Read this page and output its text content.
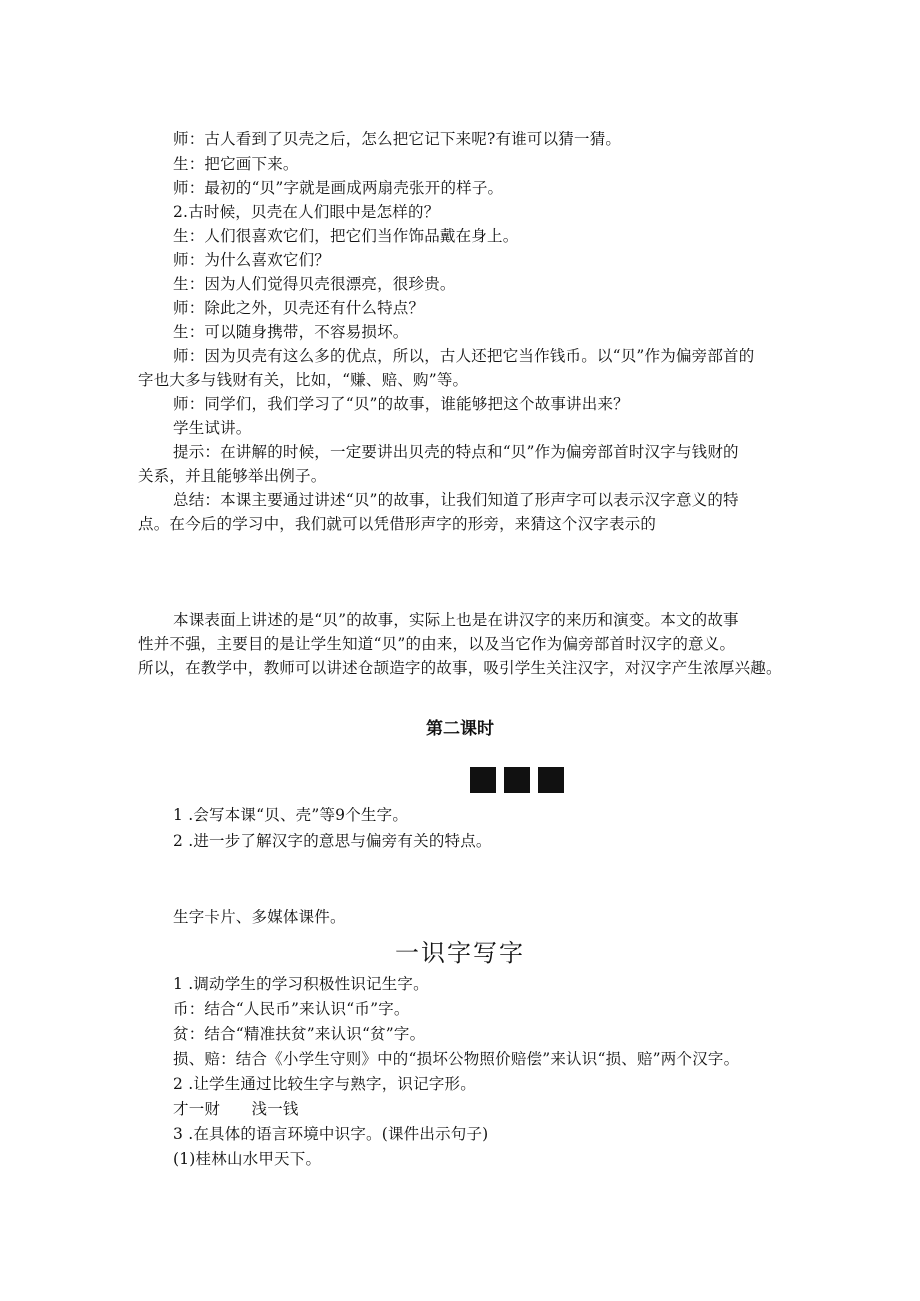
师：古人看到了贝壳之后，怎么把它记下来呢?有谁可以猜一猜。
生：把它画下来。
师：最初的“贝”字就是画成两扇壳张开的样子。
2.古时候，贝壳在人们眼中是怎样的？
生：人们很喜欢它们，把它们当作饰品戴在身上。
师：为什么喜欢它们？
生：因为人们觉得贝壳很漂亮，很珍贵。
师：除此之外，贝壳还有什么特点？
生：可以随身携带，不容易损坏。
师：因为贝壳有这么多的优点，所以，古人还把它当作钱币。以“贝”作为偏旁部首的
字也大多与钱财有关，比如，“赚、赔、购”等。
师：同学们，我们学习了“贝”的故事，谁能够把这个故事讲出来？
学生试讲。
提示：在讲解的时候，一定要讲出贝壳的特点和“贝”作为偏旁部首时汉字与钱财的
关系，并且能够举出例子。
总结：本课主要通过讲述“贝”的故事，让我们知道了形声字可以表示汉字意义的特
点。在今后的学习中，我们就可以凭借形声字的形旁，来猜这个汉字表示的
本课表面上讲述的是“贝”的故事，实际上也是在讲汉字的来历和演变。本文的故事
性并不强，主要目的是让学生知道“贝”的由来，以及当它作为偏旁部首时汉字的意义。
所以，在教学中，教师可以讲述仓颉造字的故事，吸引学生关注汉字，对汉字产生浓厚兴趣。
第二课时
1 .会写本课“贝、壳”等9个生字。
2 .进一步了解汉字的意思与偏旁有关的特点。
生字卡片、多媒体课件。
一识字写字
1 .调动学生的学习积极性识记生字。
币：结合“人民币”来认识“币”字。
贫：结合“精准扶贫”来认识“贫”字。
损、赔：结合《小学生守则》中的“损坏公物照价赔偿”来认识“损、赔”两个汉字。
2 .让学生通过比较生字与熟字，识记字形。
才一财　　浅一钱
3 .在具体的语言环境中识字。(课件出示句子)
(1)桂林山水甲天下。
